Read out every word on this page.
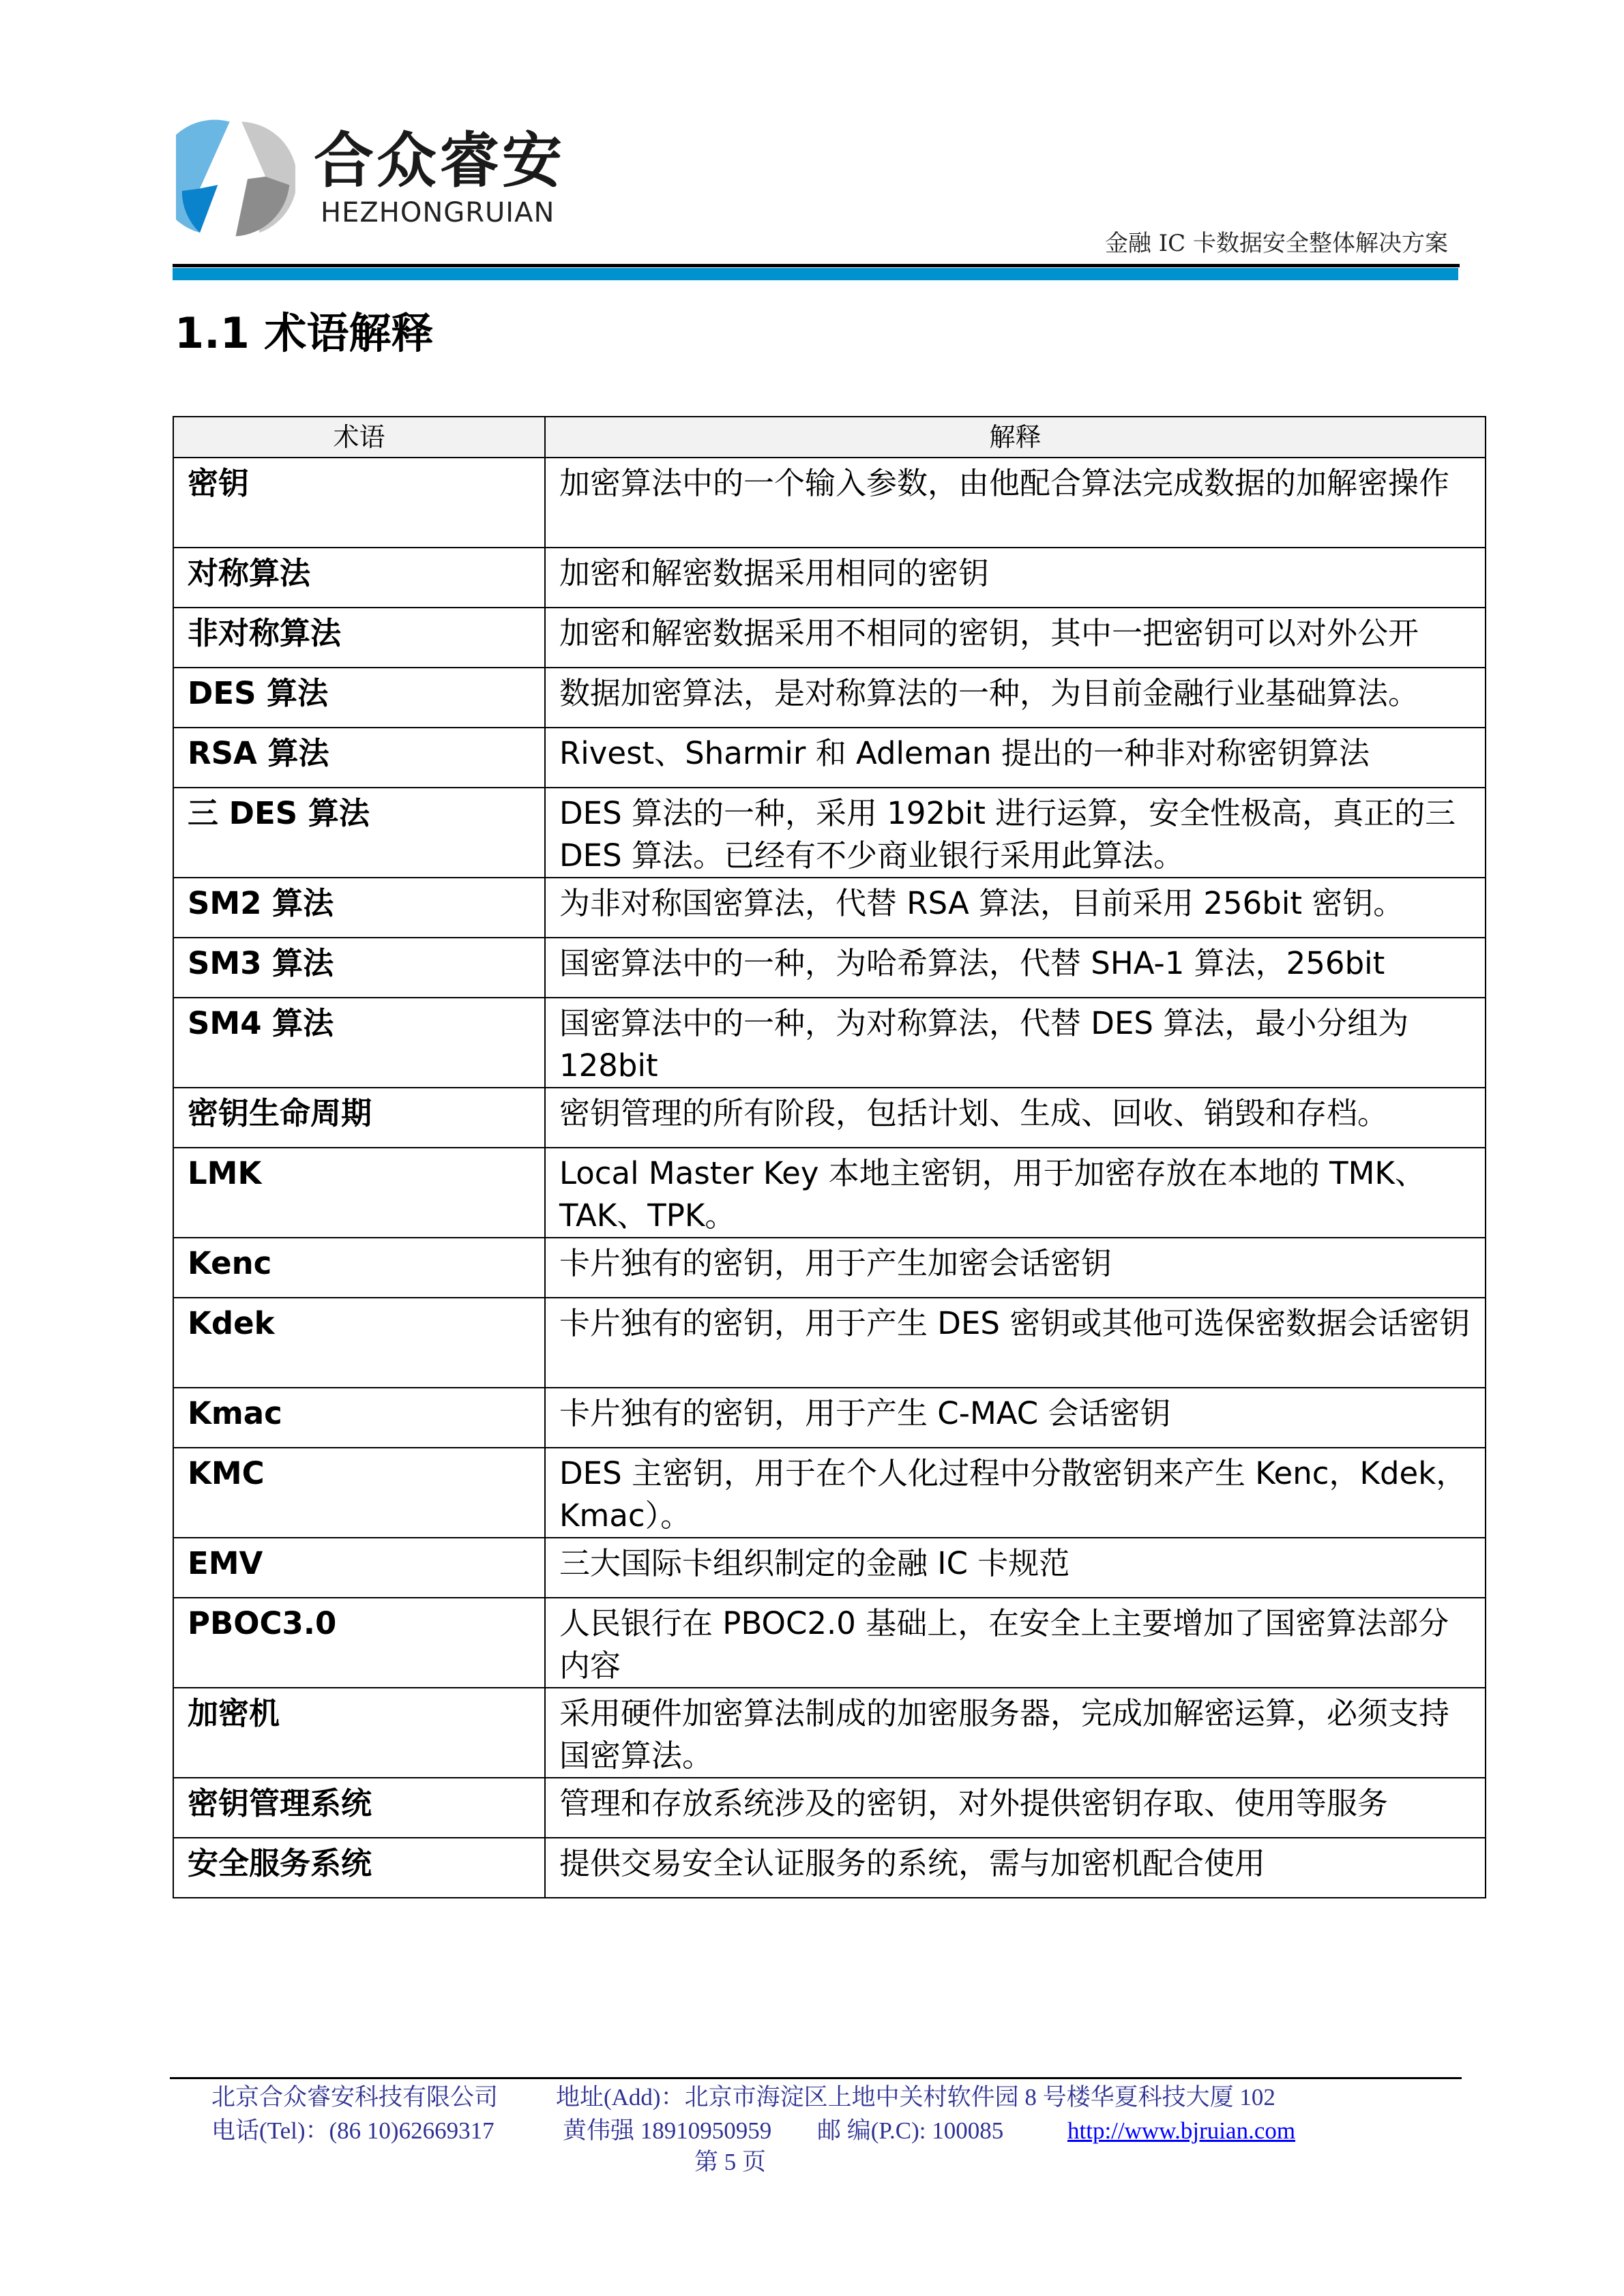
合众睿安
HEZHONGRUIAN
金融 IC 卡数据安全整体解决方案
1.1 术语解释
术语	解释
密钥	加密算法中的一个输入参数，由他配合算法完成数据的加解密操作
对称算法	加密和解密数据采用相同的密钥
非对称算法	加密和解密数据采用不相同的密钥，其中一把密钥可以对外公开
DES 算法	数据加密算法，是对称算法的一种，为目前金融行业基础算法。
RSA 算法	Rivest、Sharmir 和 Adleman 提出的一种非对称密钥算法
三 DES 算法	DES 算法的一种，采用 192bit 进行运算，安全性极高，真正的三 DES 算法。已经有不少商业银行采用此算法。
SM2 算法	为非对称国密算法，代替 RSA 算法，目前采用 256bit 密钥。
SM3 算法	国密算法中的一种，为哈希算法，代替 SHA-1 算法，256bit
SM4 算法	国密算法中的一种，为对称算法，代替 DES 算法，最小分组为 128bit
密钥生命周期	密钥管理的所有阶段，包括计划、生成、回收、销毁和存档。
LMK	Local Master Key 本地主密钥，用于加密存放在本地的 TMK、TAK、TPK。
Kenc	卡片独有的密钥，用于产生加密会话密钥
Kdek	卡片独有的密钥，用于产生 DES 密钥或其他可选保密数据会话密钥
Kmac	卡片独有的密钥，用于产生 C-MAC 会话密钥
KMC	DES 主密钥，用于在个人化过程中分散密钥来产生 Kenc，Kdek，Kmac）。
EMV	三大国际卡组织制定的金融 IC 卡规范
PBOC3.0	人民银行在 PBOC2.0 基础上，在安全上主要增加了国密算法部分内容
加密机	采用硬件加密算法制成的加密服务器，完成加解密运算，必须支持国密算法。
密钥管理系统	管理和存放系统涉及的密钥，对外提供密钥存取、使用等服务
安全服务系统	提供交易安全认证服务的系统，需与加密机配合使用
北京合众睿安科技有限公司 地址(Add)：北京市海淀区上地中关村软件园 8 号楼华夏科技大厦 102
电话(Tel)：(86 10)62669317	黄伟强 18910950959 邮 编(P.C): 100085	http://www.bjruian.com
第 5 页
